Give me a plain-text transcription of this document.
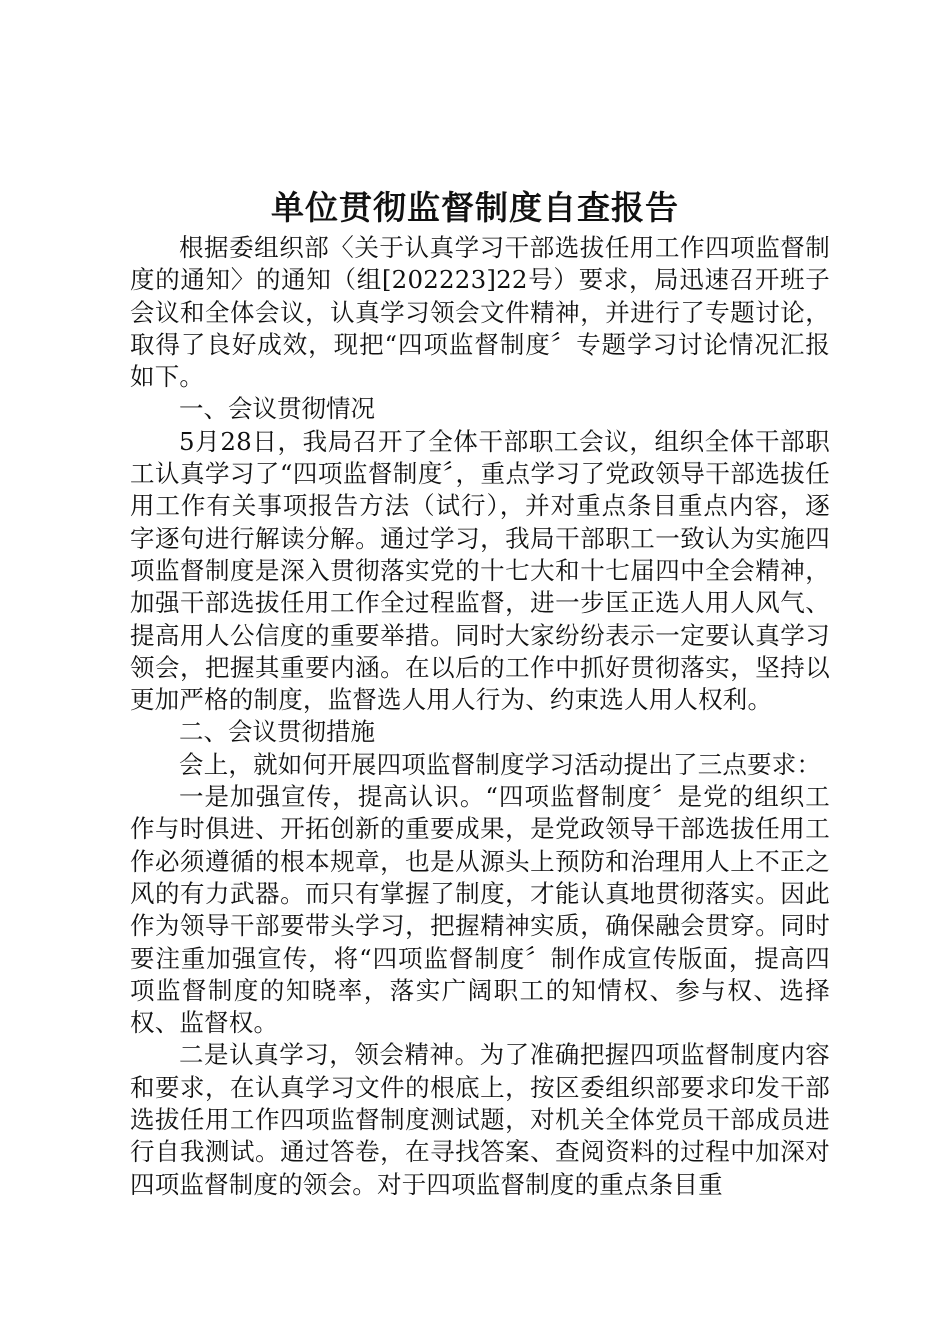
单位贯彻监督制度自查报告

根据委组织部〈关于认真学习干部选拔任用工作四项监督制度的通知〉的通知（组[202223]22号）要求，局迅速召开班子会议和全体会议，认真学习领会文件精神，并进行了专题讨论，取得了良好成效，现把“四项监督制度〞专题学习讨论情况汇报如下。

一、会议贯彻情况

5月28日，我局召开了全体干部职工会议，组织全体干部职工认真学习了“四项监督制度〞，重点学习了党政领导干部选拔任用工作有关事项报告方法（试行），并对重点条目重点内容，逐字逐句进行解读分解。通过学习，我局干部职工一致认为实施四项监督制度是深入贯彻落实党的十七大和十七届四中全会精神，加强干部选拔任用工作全过程监督，进一步匡正选人用人风气、提高用人公信度的重要举措。同时大家纷纷表示一定要认真学习领会，把握其重要内涵。在以后的工作中抓好贯彻落实，坚持以更加严格的制度，监督选人用人行为、约束选人用人权利。

二、会议贯彻措施

会上，就如何开展四项监督制度学习活动提出了三点要求：

一是加强宣传，提高认识。“四项监督制度〞是党的组织工作与时俱进、开拓创新的重要成果，是党政领导干部选拔任用工作必须遵循的根本规章，也是从源头上预防和治理用人上不正之风的有力武器。而只有掌握了制度，才能认真地贯彻落实。因此作为领导干部要带头学习，把握精神实质，确保融会贯穿。同时要注重加强宣传，将“四项监督制度〞制作成宣传版面，提高四项监督制度的知晓率，落实广阔职工的知情权、参与权、选择权、监督权。

二是认真学习，领会精神。为了准确把握四项监督制度内容和要求，在认真学习文件的根底上，按区委组织部要求印发干部选拔任用工作四项监督制度测试题，对机关全体党员干部成员进行自我测试。通过答卷，在寻找答案、查阅资料的过程中加深对四项监督制度的领会。对于四项监督制度的重点条目重
